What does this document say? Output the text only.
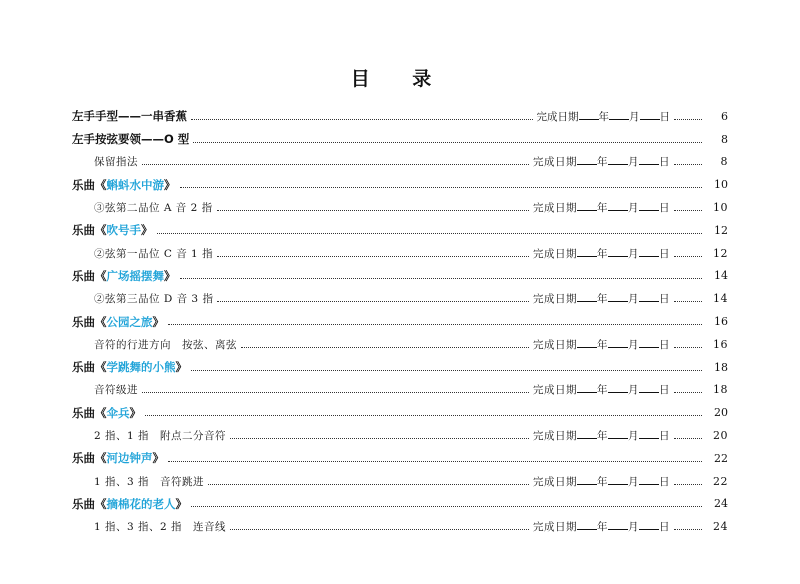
目 录
左手手型——一串香蕉	完成日期 年 月 日	6
左手按弦要领——O 型	8
保留指法	完成日期 年 月 日	8
乐曲《蝌蚪水中游》	10
③弦第二品位 A 音 2 指	完成日期 年 月 日	10
乐曲《吹号手》	12
②弦第一品位 C 音 1 指	完成日期 年 月 日	12
乐曲《广场摇摆舞》	14
②弦第三品位 D 音 3 指	完成日期 年 月 日	14
乐曲《公园之旅》	16
音符的行进方向　按弦、离弦	完成日期 年 月 日	16
乐曲《学跳舞的小熊》	18
音符级进	完成日期 年 月 日	18
乐曲《伞兵》	20
2 指、1 指　附点二分音符	完成日期 年 月 日	20
乐曲《河边钟声》	22
1 指、3 指　音符跳进	完成日期 年 月 日	22
乐曲《摘棉花的老人》	24
1 指、3 指、2 指　连音线	完成日期 年 月 日	24
